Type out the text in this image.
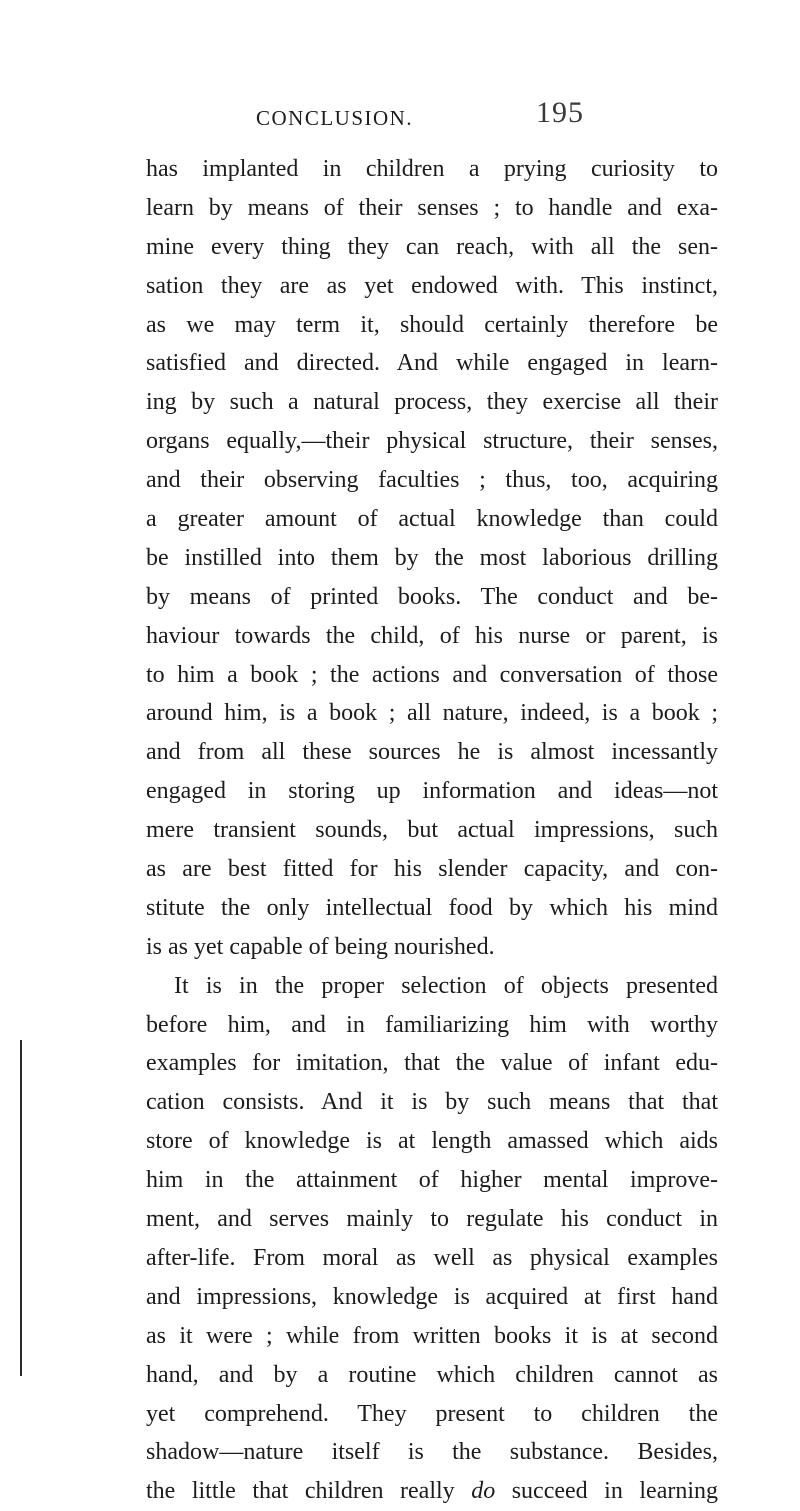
CONCLUSION.	195
has implanted in children a prying curiosity to
learn by means of their senses ; to handle and exa-
mine every thing they can reach, with all the sen-
sation they are as yet endowed with. This instinct,
as we may term it, should certainly therefore be
satisfied and directed. And while engaged in learn-
ing by such a natural process, they exercise all their
organs equally,—their physical structure, their senses,
and their observing faculties ; thus, too, acquiring
a greater amount of actual knowledge than could
be instilled into them by the most laborious drilling
by means of printed books. The conduct and be-
haviour towards the child, of his nurse or parent, is
to him a book ; the actions and conversation of those
around him, is a book ; all nature, indeed, is a book ;
and from all these sources he is almost incessantly
engaged in storing up information and ideas—not
mere transient sounds, but actual impressions, such
as are best fitted for his slender capacity, and con-
stitute the only intellectual food by which his mind
is as yet capable of being nourished.
It is in the proper selection of objects presented
before him, and in familiarizing him with worthy
examples for imitation, that the value of infant edu-
cation consists. And it is by such means that that
store of knowledge is at length amassed which aids
him in the attainment of higher mental improve-
ment, and serves mainly to regulate his conduct in
after-life. From moral as well as physical examples
and impressions, knowledge is acquired at first hand
as it were ; while from written books it is at second
hand, and by a routine which children cannot as
yet comprehend. They present to children the
shadow—nature itself is the substance. Besides,
the little that children really do succeed in learning
